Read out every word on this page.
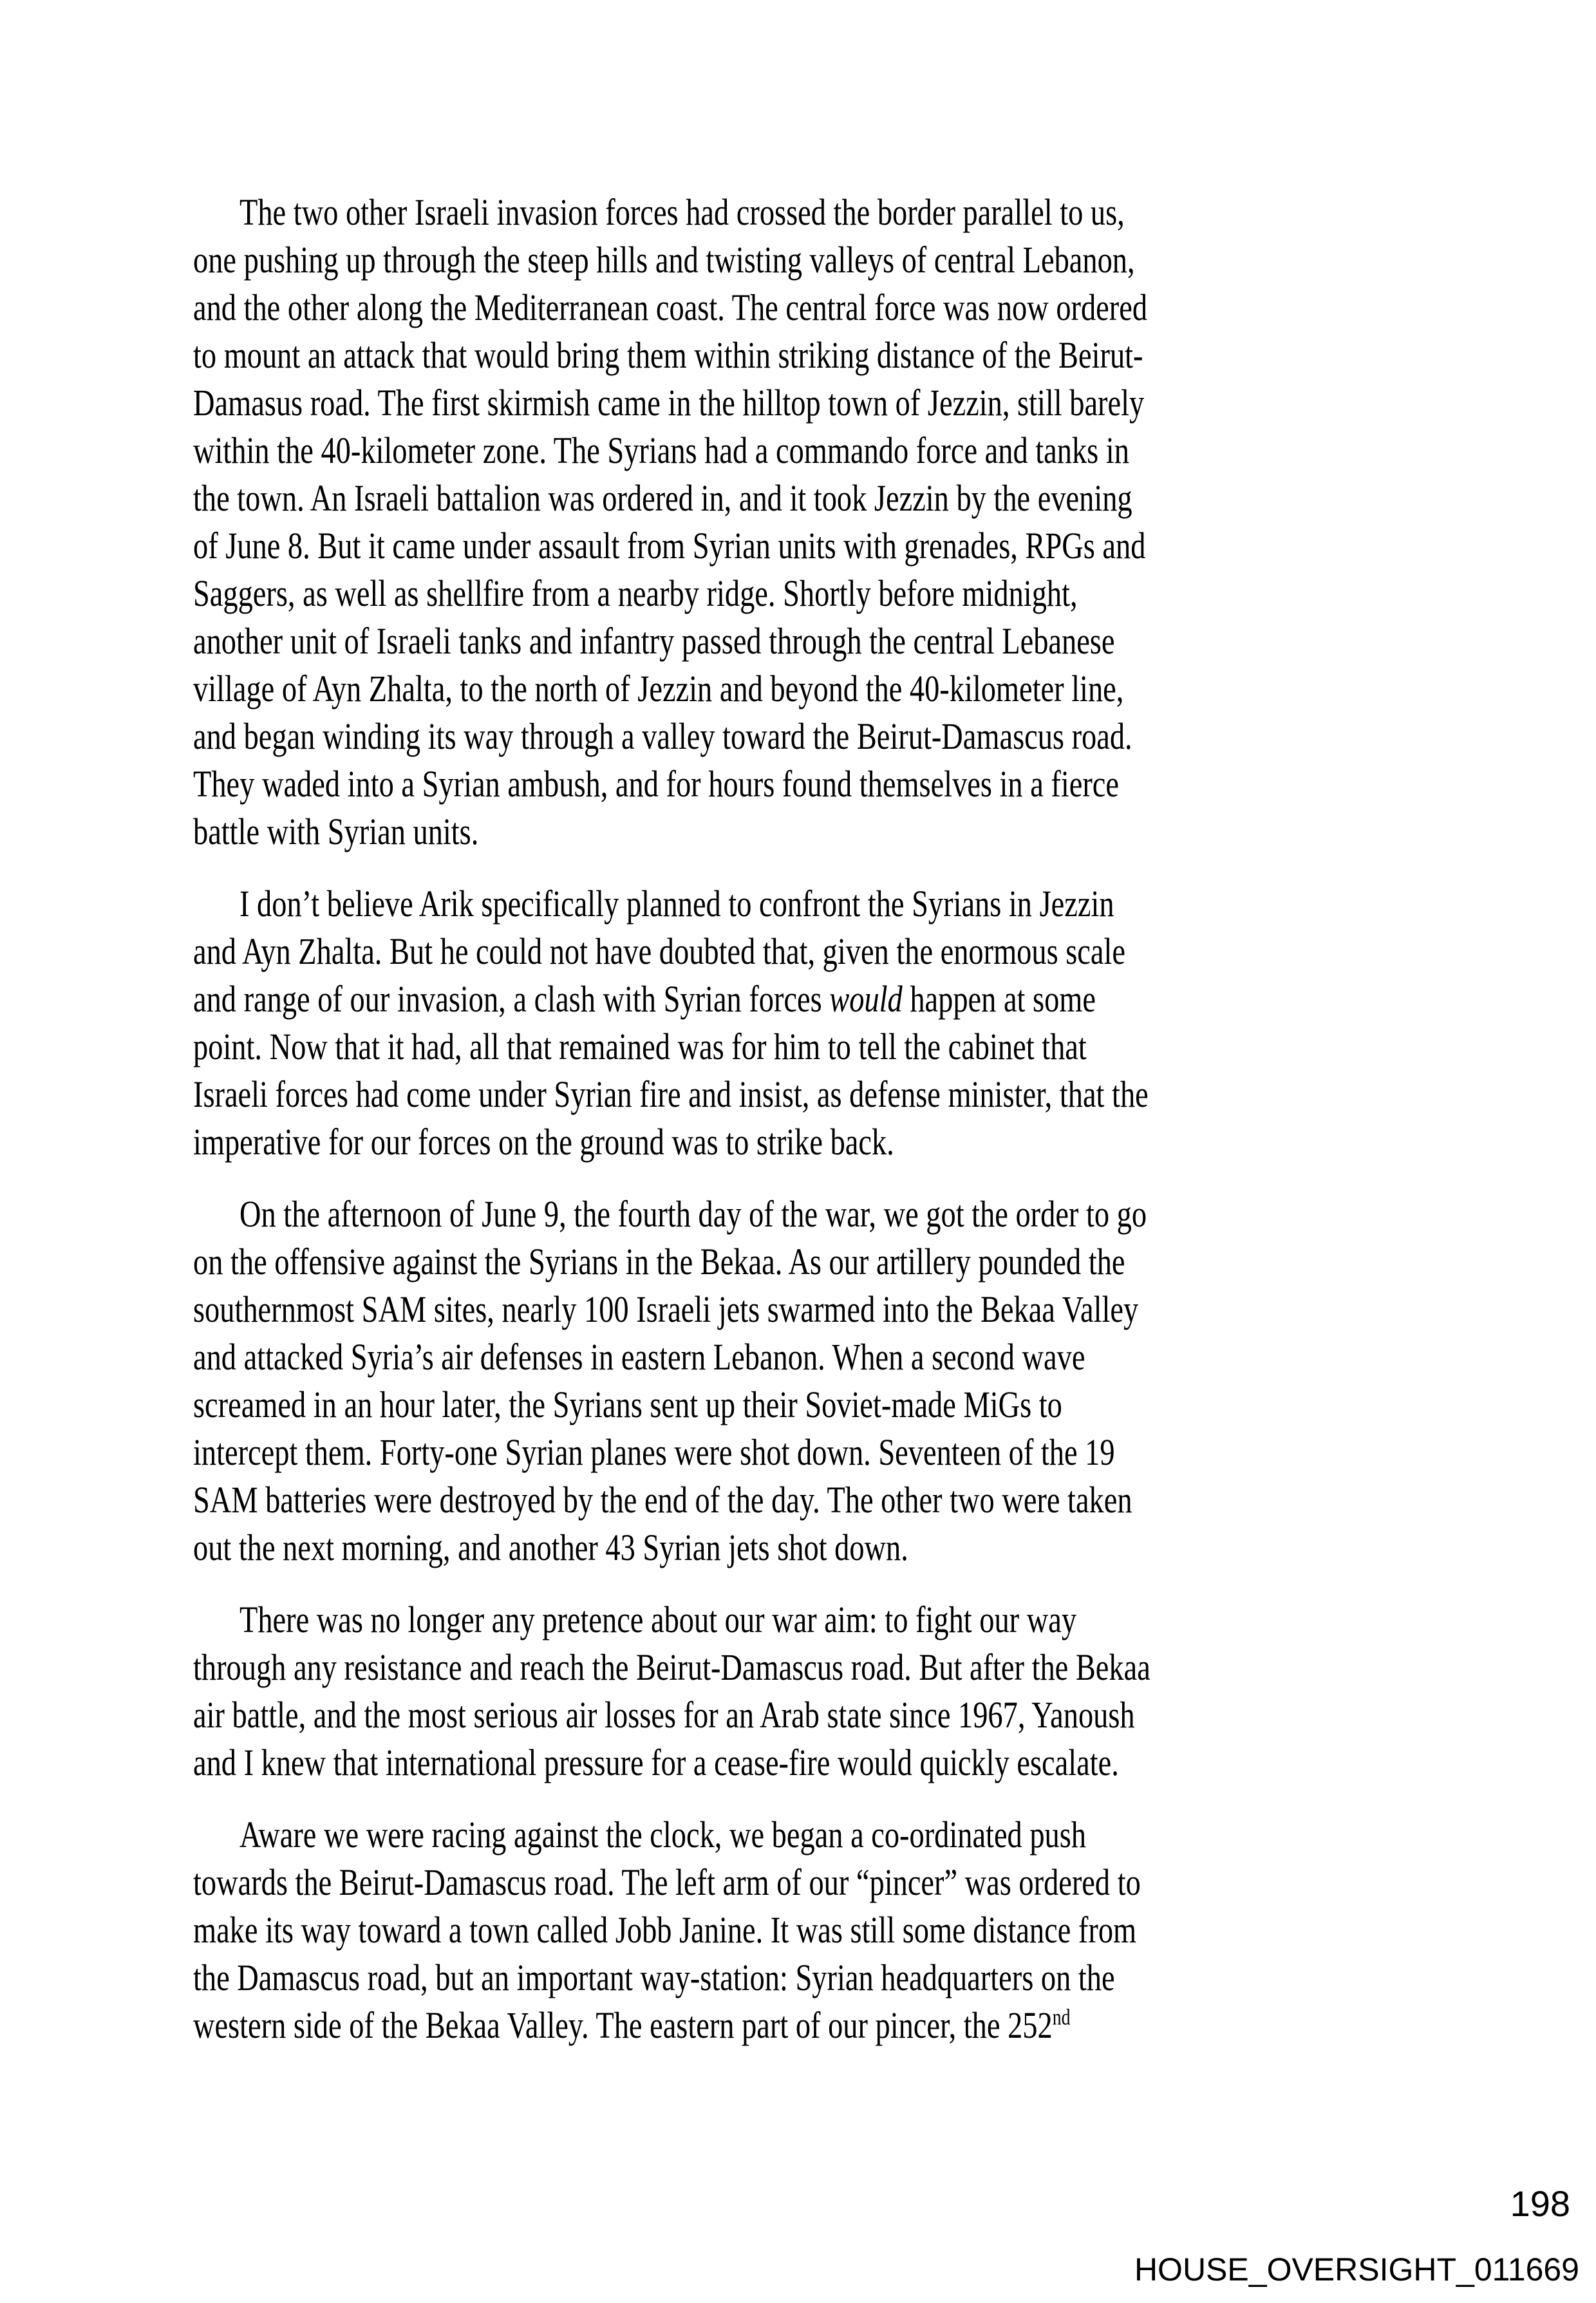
The two other Israeli invasion forces had crossed the border parallel to us,
one pushing up through the steep hills and twisting valleys of central Lebanon,
and the other along the Mediterranean coast. The central force was now ordered
to mount an attack that would bring them within striking distance of the Beirut-
Damasus road. The first skirmish came in the hilltop town of Jezzin, still barely
within the 40-kilometer zone. The Syrians had a commando force and tanks in
the town. An Israeli battalion was ordered in, and it took Jezzin by the evening
of June 8. But it came under assault from Syrian units with grenades, RPGs and
Saggers, as well as shellfire from a nearby ridge. Shortly before midnight,
another unit of Israeli tanks and infantry passed through the central Lebanese
village of Ayn Zhalta, to the north of Jezzin and beyond the 40-kilometer line,
and began winding its way through a valley toward the Beirut-Damascus road.
They waded into a Syrian ambush, and for hours found themselves in a fierce
battle with Syrian units.

I don’t believe Arik specifically planned to confront the Syrians in Jezzin
and Ayn Zhalta. But he could not have doubted that, given the enormous scale
and range of our invasion, a clash with Syrian forces would happen at some
point. Now that it had, all that remained was for him to tell the cabinet that
Israeli forces had come under Syrian fire and insist, as defense minister, that the
imperative for our forces on the ground was to strike back.

On the afternoon of June 9, the fourth day of the war, we got the order to go
on the offensive against the Syrians in the Bekaa. As our artillery pounded the
southernmost SAM sites, nearly 100 Israeli jets swarmed into the Bekaa Valley
and attacked Syria’s air defenses in eastern Lebanon. When a second wave
screamed in an hour later, the Syrians sent up their Soviet-made MiGs to
intercept them. Forty-one Syrian planes were shot down. Seventeen of the 19
SAM batteries were destroyed by the end of the day. The other two were taken
out the next morning, and another 43 Syrian jets shot down.

There was no longer any pretence about our war aim: to fight our way
through any resistance and reach the Beirut-Damascus road. But after the Bekaa
air battle, and the most serious air losses for an Arab state since 1967, Yanoush
and I knew that international pressure for a cease-fire would quickly escalate.

Aware we were racing against the clock, we began a co-ordinated push
towards the Beirut-Damascus road. The left arm of our “pincer” was ordered to
make its way toward a town called Jobb Janine. It was still some distance from
the Damascus road, but an important way-station: Syrian headquarters on the
western side of the Bekaa Valley. The eastern part of our pincer, the 252nd

198
HOUSE_OVERSIGHT_011669
